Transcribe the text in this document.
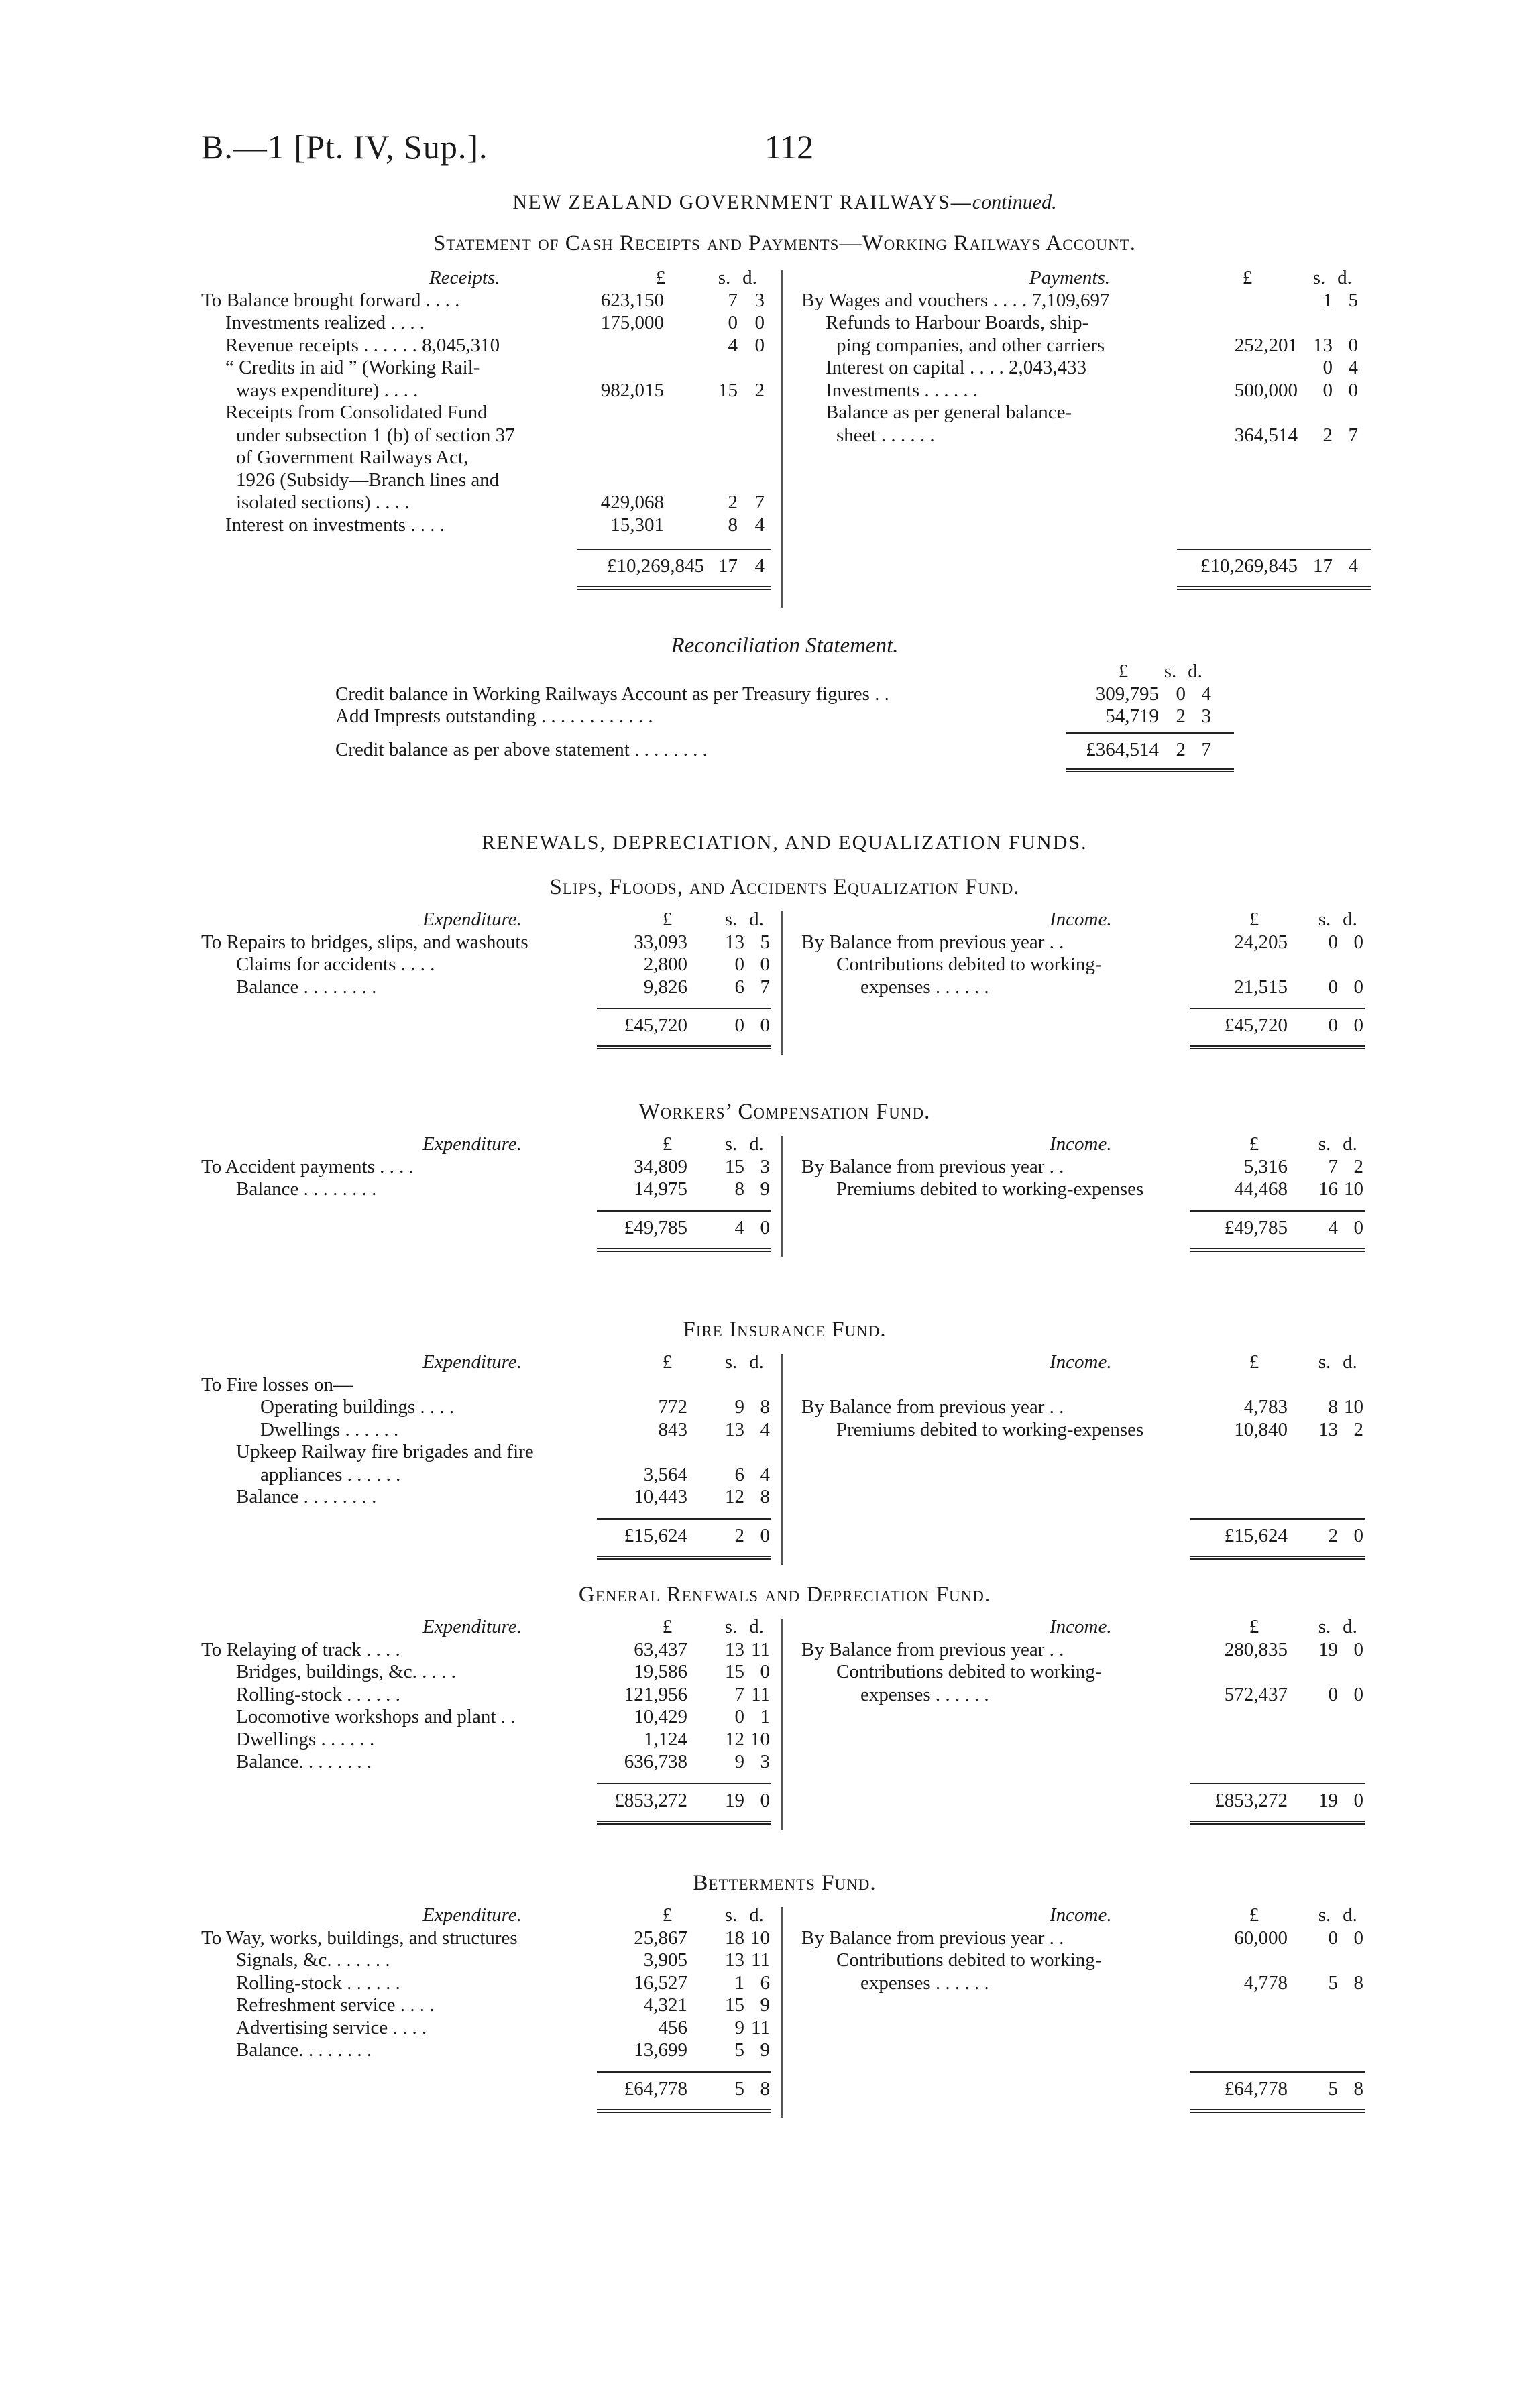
B.—1 [Pt. IV, Sup.].	112
NEW ZEALAND GOVERNMENT RAILWAYS—continued.
Statement of Cash Receipts and Payments—Working Railways Account.
Receipts.	£	s. d.
To Balance brought forward . . . .	623,150	7 3
Investments realized . . . .	175,000	0 0
Revenue receipts . . . . . . 8,045,310	4 0
“ Credits in aid ” (Working Rail-
ways expenditure) . . . .	982,015	15 2
Receipts from Consolidated Fund
under subsection 1 (b) of section 37
of Government Railways Act,
1926 (Subsidy—Branch lines and
isolated sections) . . . .	429,068	2 7
Interest on investments . . . .	15,301	8 4
£10,269,845 17 4
Payments.	£	s. d.
By Wages and vouchers . . . . 7,109,697	1 5
Refunds to Harbour Boards, ship-
ping companies, and other carriers	252,201 13 0
Interest on capital . . . . 2,043,433	0 4
Investments . . . . . .	500,000	0 0
Balance as per general balance-
sheet . . . . . .	364,514	2 7
£10,269,845 17 4
Reconciliation Statement.
£	s. d.
Credit balance in Working Railways Account as per Treasury figures . .	309,795 0 4
Add Imprests outstanding . . . . . . . . . . . .	54,719 2 3
Credit balance as per above statement . . . . . . . .	£364,514 2 7
RENEWALS, DEPRECIATION, AND EQUALIZATION FUNDS.
Slips, Floods, and Accidents Equalization Fund.
Expenditure.	£	s. d.
To Repairs to bridges, slips, and washouts	33,093	13 5
Claims for accidents . . . .	2,800	0 0
Balance . . . . . . . .	9,826	6 7
£45,720	0 0
Income.	£	s. d.
By Balance from previous year . .	24,205	0 0
Contributions debited to working-
expenses . . . . . .	21,515	0 0
£45,720	0 0
Workers’ Compensation Fund.
Expenditure.	£	s. d.
To Accident payments . . . .	34,809	15 3
Balance . . . . . . . .	14,975	8 9
£49,785	4 0
Income.	£	s. d.
By Balance from previous year . .	5,316	7 2
Premiums debited to working-expenses	44,468	16 10
£49,785	4 0
Fire Insurance Fund.
Expenditure.	£	s. d.
To Fire losses on—
Operating buildings . . . .	772	9 8
Dwellings . . . . . .	843	13 4
Upkeep Railway fire brigades and fire
appliances . . . . . .	3,564	6 4
Balance . . . . . . . .	10,443	12 8
£15,624	2 0
Income.	£	s. d.
By Balance from previous year . .	4,783	8 10
Premiums debited to working-expenses	10,840	13 2
£15,624	2 0
General Renewals and Depreciation Fund.
Expenditure.	£	s. d.
To Relaying of track . . . .	63,437	13 11
Bridges, buildings, &c. . . . .	19,586	15 0
Rolling-stock . . . . . .	121,956	7 11
Locomotive workshops and plant . .	10,429	0 1
Dwellings . . . . . .	1,124	12 10
Balance. . . . . . . .	636,738	9 3
£853,272	19 0
Income.	£	s. d.
By Balance from previous year . .	280,835	19 0
Contributions debited to working-
expenses . . . . . .	572,437	0 0
£853,272	19 0
Betterments Fund.
Expenditure.	£	s. d.
To Way, works, buildings, and structures	25,867	18 10
Signals, &c. . . . . . .	3,905	13 11
Rolling-stock . . . . . .	16,527	1 6
Refreshment service . . . .	4,321	15 9
Advertising service . . . .	456	9 11
Balance. . . . . . . .	13,699	5 9
£64,778	5 8
Income.	£	s. d.
By Balance from previous year . .	60,000	0 0
Contributions debited to working-
expenses . . . . . .	4,778	5 8
£64,778	5 8
